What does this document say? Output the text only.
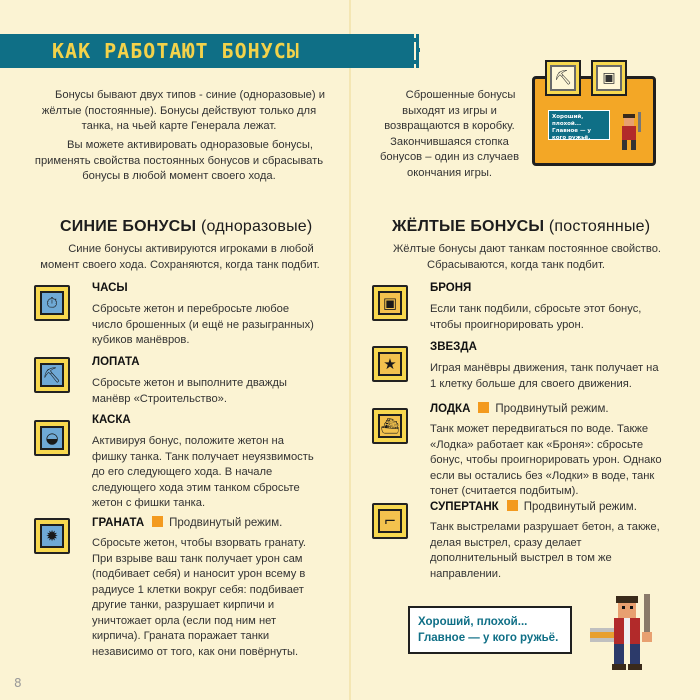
КАК РАБОТАЮТ БОНУСЫ
Бонусы бывают двух типов - синие (одноразовые) и жёлтые (постоянные). Бонусы действуют только для танка, на чьей карте Генерала лежат.
Вы можете активировать одноразовые бонусы, применять свойства постоянных бонусов и сбрасывать бонусы в любой момент своего хода.
Сброшенные бонусы выходят из игры и возвращаются в коробку. Закончившаяся стопка бонусов – один из случаев окончания игры.
⛏	▣
Хороший, плохой... Главное — у кого ружьё.
СИНИЕ БОНУСЫ (одноразовые)
Синие бонусы активируются игроками в любой момент своего хода. Сохраняются, когда танк подбит.
⏱
ЧАСЫ
Сбросьте жетон и перебросьте любое число брошенных (и ещё не разыгранных) кубиков манёвров.
⛏
ЛОПАТА
Сбросьте жетон и выполните дважды манёвр «Строительство».
◒
КАСКА
Активируя бонус, положите жетон на фишку танка. Танк получает неуязвимость до его следующего хода. В начале следующего хода этим танком сбросьте жетон с фишки танка.
✹
ГРАНАТА Продвинутый режим.
Сбросьте жетон, чтобы взорвать гранату. При взрыве ваш танк получает урон сам (подбивает себя) и наносит урон всему в радиусе 1 клетки вокруг себя: подбивает другие танки, разрушает кирпичи и уничтожает орла (если под ним нет кирпича). Граната поражает танки независимо от того, как они повёрнуты.
ЖЁЛТЫЕ БОНУСЫ (постоянные)
Жёлтые бонусы дают танкам постоянное свойство. Сбрасываются, когда танк подбит.
▣
БРОНЯ
Если танк подбили, сбросьте этот бонус, чтобы проигнорировать урон.
★
ЗВЕЗДА
Играя манёвры движения, танк получает на 1 клетку больше для своего движения.
⛴
ЛОДКА Продвинутый режим.
Танк может передвигаться по воде. Также «Лодка» работает как «Броня»: сбросьте бонус, чтобы проигнорировать урон. Однако если вы остались без «Лодки» в воде, танк тонет (считается подбитым).
⌐
СУПЕРТАНК Продвинутый режим.
Танк выстрелами разрушает бетон, а также, делая выстрел, сразу делает дополнительный выстрел в том же направлении.
Хороший, плохой... Главное — у кого ружьё.
8
